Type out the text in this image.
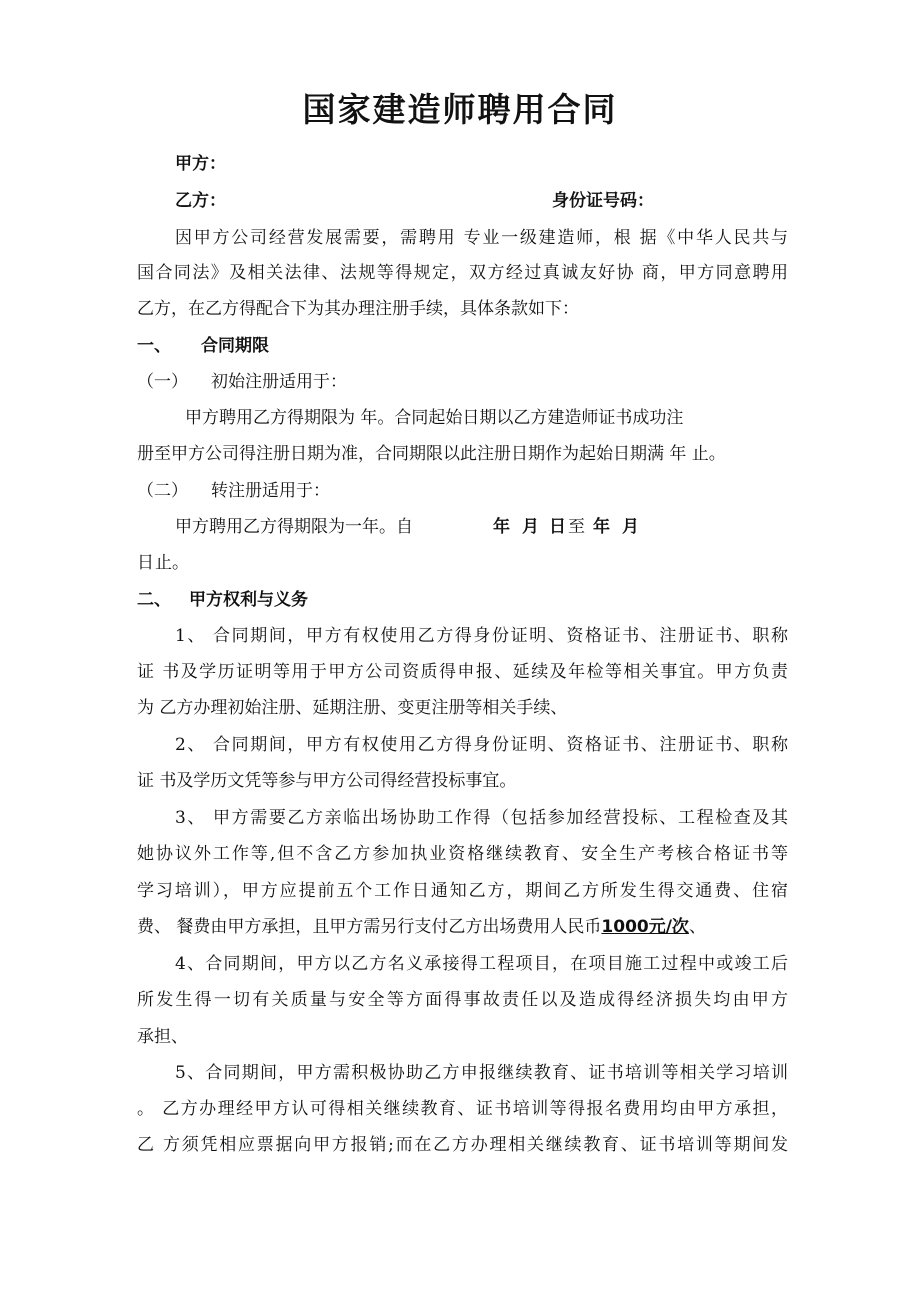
国家建造师聘用合同

甲方：

乙方：	身份证号码：

因甲方公司经营发展需要，需聘用 专业一级建造师，根 据《中华人民共与

国合同法》及相关法律、法规等得规定，双方经过真诚友好协 商，甲方同意聘用

乙方，在乙方得配合下为其办理注册手续，具体条款如下：

一、 合同期限

（一） 初始注册适用于：

甲方聘用乙方得期限为 年。合同起始日期以乙方建造师证书成功注

册至甲方公司得注册日期为准，合同期限以此注册日期作为起始日期满 年 止。

（二） 转注册适用于：

甲方聘用乙方得期限为一年。自	年 月 日 至 年 月
日 止。

二、 甲方权利与义务

1、 合同期间，甲方有权使用乙方得身份证明、资格证书、注册证书、职称

证 书及学历证明等用于甲方公司资质得申报、延续及年检等相关事宜。甲方负责

为 乙方办理初始注册、延期注册、变更注册等相关手续、

2、 合同期间，甲方有权使用乙方得身份证明、资格证书、注册证书、职称

证 书及学历文凭等参与甲方公司得经营投标事宜。

3、 甲方需要乙方亲临出场协助工作得（包括参加经营投标、工程检查及其

她协议外工作等,但不含乙方参加执业资格继续教育、安全生产考核合格证书等

学习培训），甲方应提前五个工作日通知乙方，期间乙方所发生得交通费、住宿

费、 餐费由甲方承担，且甲方需另行支付乙方出场费用人民币1000元/次、

4、合同期间，甲方以乙方名义承接得工程项目，在项目施工过程中或竣工后

所发生得一切有关质量与安全等方面得事故责任以及造成得经济损失均由甲方

承担、

5、合同期间，甲方需积极协助乙方申报继续教育、证书培训等相关学习培训

。 乙方办理经甲方认可得相关继续教育、证书培训等得报名费用均由甲方承担，

乙 方须凭相应票据向甲方报销;而在乙方办理相关继续教育、证书培训等期间发
